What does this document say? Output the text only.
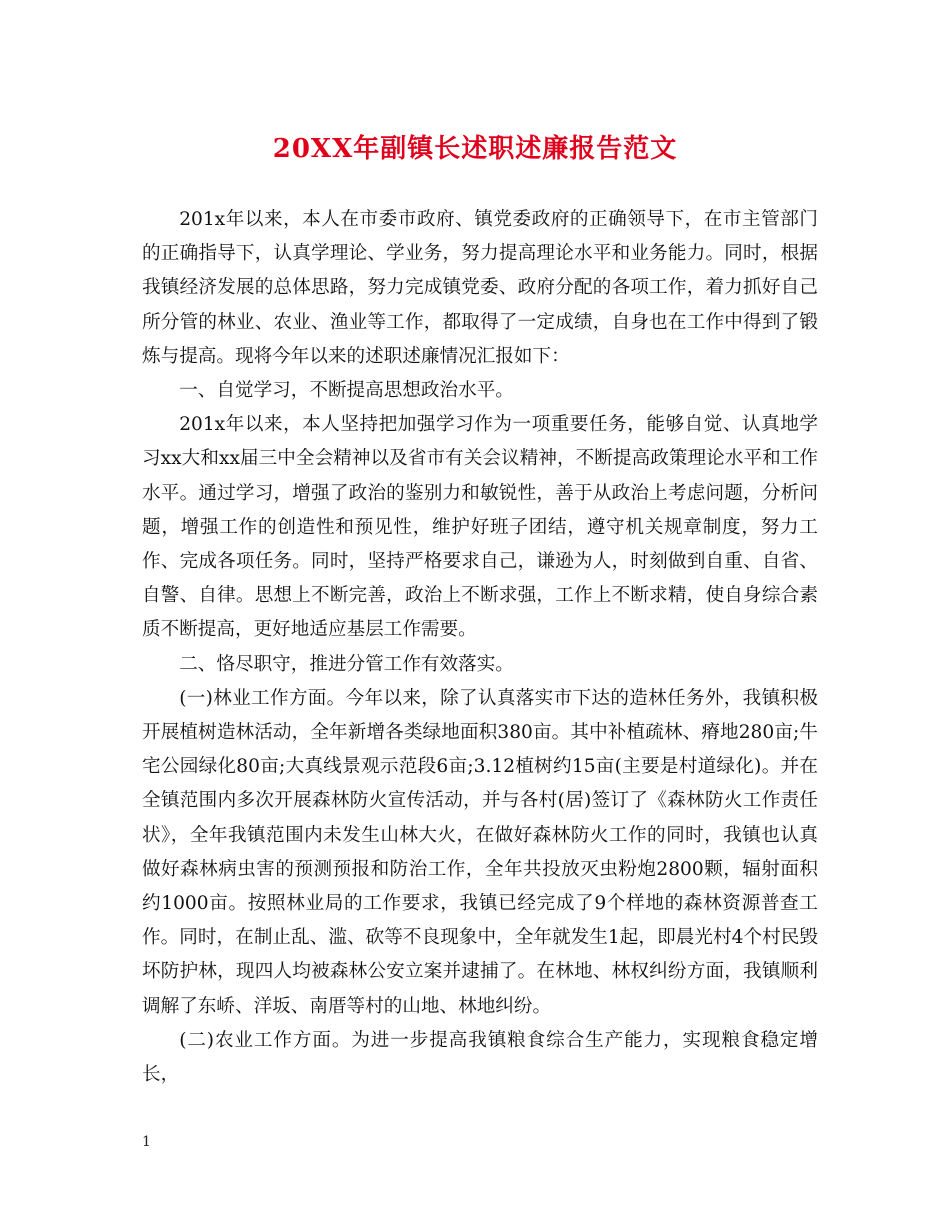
20XX年副镇长述职述廉报告范文

201x年以来，本人在市委市政府、镇党委政府的正确领导下，在市主管部门的正确指导下，认真学理论、学业务，努力提高理论水平和业务能力。同时，根据我镇经济发展的总体思路，努力完成镇党委、政府分配的各项工作，着力抓好自己所分管的林业、农业、渔业等工作，都取得了一定成绩，自身也在工作中得到了锻炼与提高。现将今年以来的述职述廉情况汇报如下：

一、自觉学习，不断提高思想政治水平。

201x年以来，本人坚持把加强学习作为一项重要任务，能够自觉、认真地学习xx大和xx届三中全会精神以及省市有关会议精神，不断提高政策理论水平和工作水平。通过学习，增强了政治的鉴别力和敏锐性，善于从政治上考虑问题，分析问题，增强工作的创造性和预见性，维护好班子团结，遵守机关规章制度，努力工作、完成各项任务。同时，坚持严格要求自己，谦逊为人，时刻做到自重、自省、自警、自律。思想上不断完善，政治上不断求强，工作上不断求精，使自身综合素质不断提高，更好地适应基层工作需要。

二、恪尽职守，推进分管工作有效落实。

(一)林业工作方面。今年以来，除了认真落实市下达的造林任务外，我镇积极开展植树造林活动，全年新增各类绿地面积380亩。其中补植疏林、瘠地280亩;牛宅公园绿化80亩;大真线景观示范段6亩;3.12植树约15亩(主要是村道绿化)。并在全镇范围内多次开展森林防火宣传活动，并与各村(居)签订了《森林防火工作责任状》，全年我镇范围内未发生山林大火，在做好森林防火工作的同时，我镇也认真做好森林病虫害的预测预报和防治工作，全年共投放灭虫粉炮2800颗，辐射面积约1000亩。按照林业局的工作要求，我镇已经完成了9个样地的森林资源普查工作。同时，在制止乱、滥、砍等不良现象中，全年就发生1起，即晨光村4个村民毁坏防护林，现四人均被森林公安立案并逮捕了。在林地、林权纠纷方面，我镇顺利调解了东峤、洋坂、南厝等村的山地、林地纠纷。

(二)农业工作方面。为进一步提高我镇粮食综合生产能力，实现粮食稳定增长，

1
